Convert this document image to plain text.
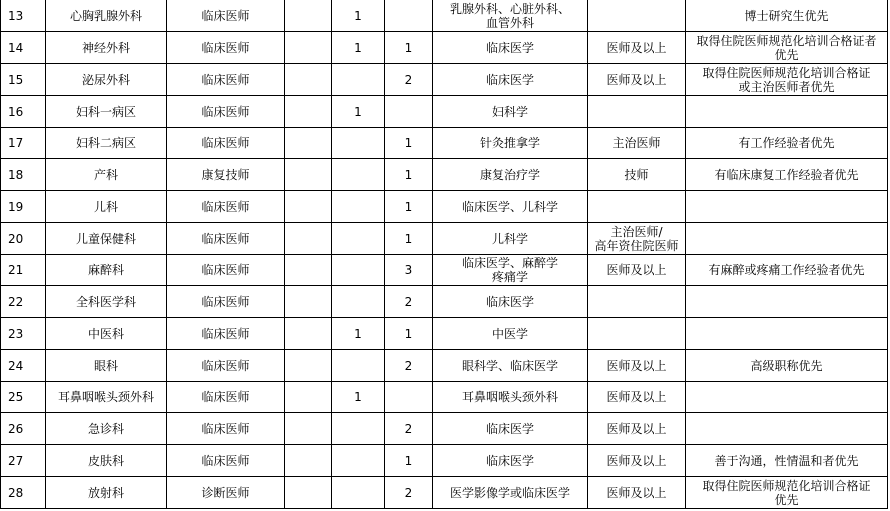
13	心胸乳腺外科	临床医师		1		乳腺外科、心脏外科、
血管外科		博士研究生优先
14	神经外科	临床医师		1	1	临床医学	医师及以上	取得住院医师规范化培训合格证者
优先
15	泌尿外科	临床医师			2	临床医学	医师及以上	取得住院医师规范化培训合格证
或主治医师者优先
16	妇科一病区	临床医师		1		妇科学		
17	妇科二病区	临床医师			1	针灸推拿学	主治医师	有工作经验者优先
18	产科	康复技师			1	康复治疗学	技师	有临床康复工作经验者优先
19	儿科	临床医师			1	临床医学、儿科学		
20	儿童保健科	临床医师			1	儿科学	主治医师/
高年资住院医师	
21	麻醉科	临床医师			3	临床医学、麻醉学
疼痛学	医师及以上	有麻醉或疼痛工作经验者优先
22	全科医学科	临床医师			2	临床医学		
23	中医科	临床医师		1	1	中医学		
24	眼科	临床医师			2	眼科学、临床医学	医师及以上	高级职称优先
25	耳鼻咽喉头颈外科	临床医师		1		耳鼻咽喉头颈外科	医师及以上	
26	急诊科	临床医师			2	临床医学	医师及以上	
27	皮肤科	临床医师			1	临床医学	医师及以上	善于沟通，性情温和者优先
28	放射科	诊断医师			2	医学影像学或临床医学	医师及以上	取得住院医师规范化培训合格证
优先
